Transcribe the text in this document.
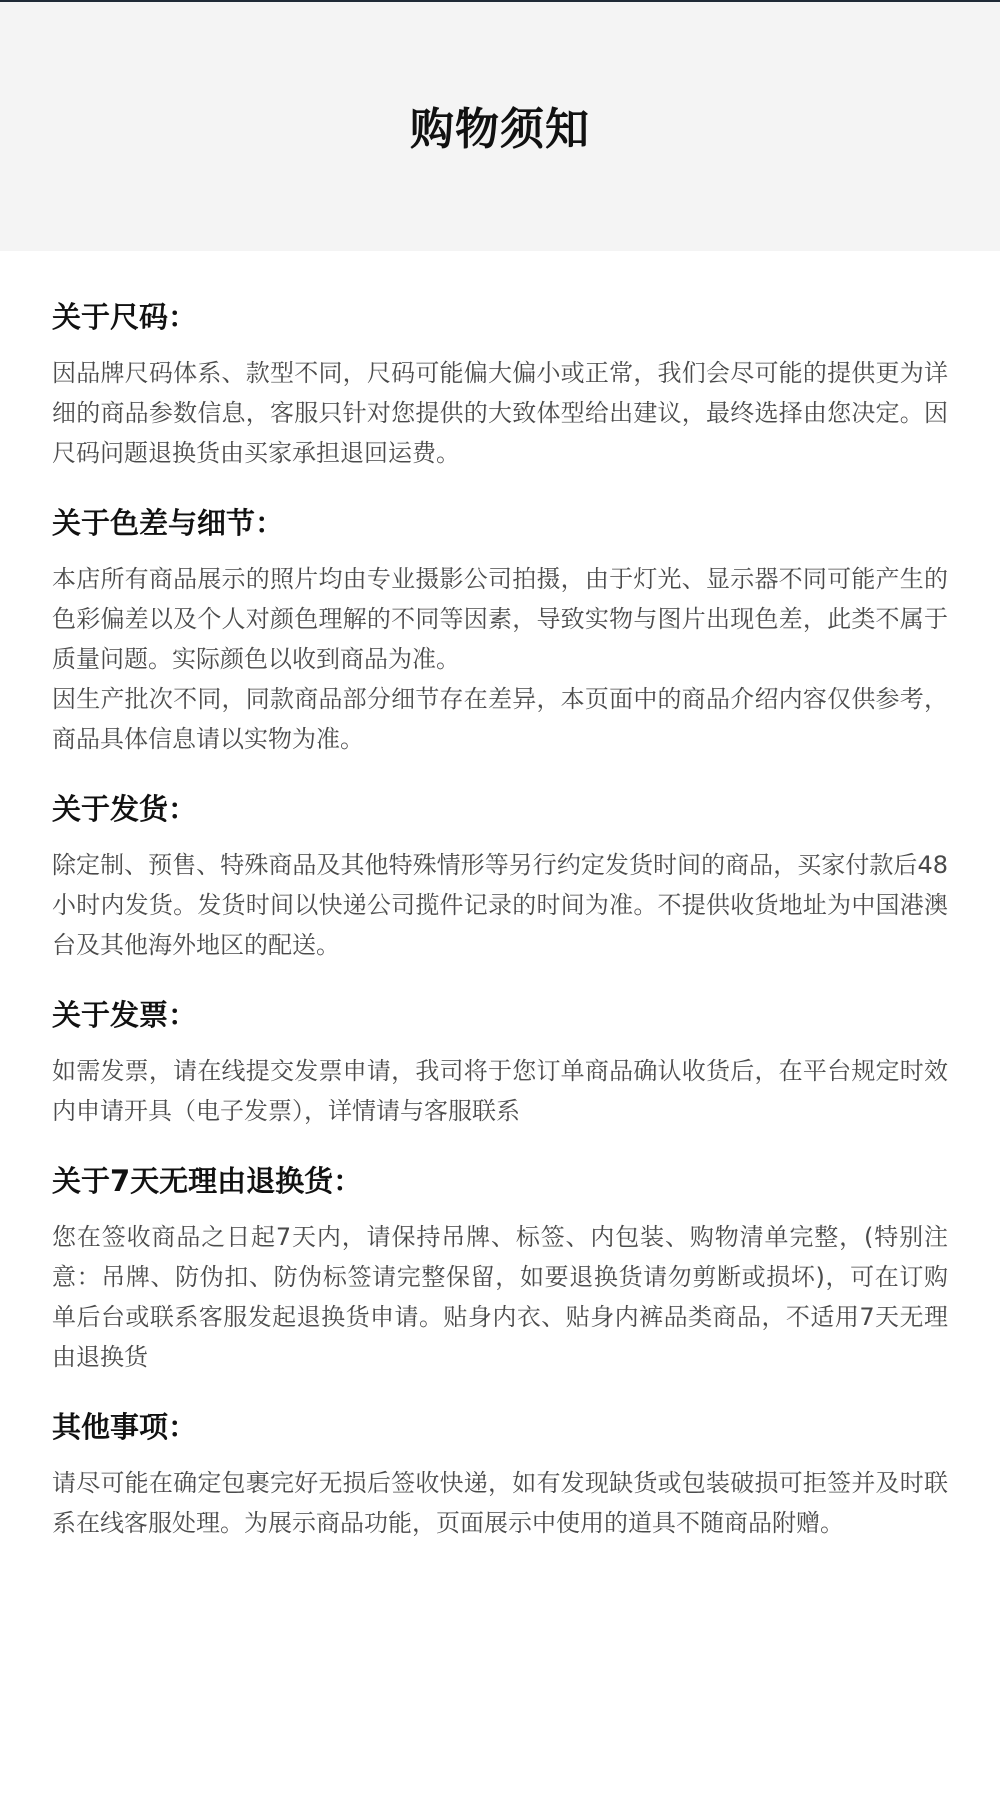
购物须知
关于尺码：

因品牌尺码体系、款型不同，尺码可能偏大偏小或正常，我们会尽可能的提供更为详细的商品参数信息，客服只针对您提供的大致体型给出建议，最终选择由您决定。因尺码问题退换货由买家承担退回运费。

关于色差与细节：

本店所有商品展示的照片均由专业摄影公司拍摄，由于灯光、显示器不同可能产生的色彩偏差以及个人对颜色理解的不同等因素，导致实物与图片出现色差，此类不属于质量问题。实际颜色以收到商品为准。

因生产批次不同，同款商品部分细节存在差异，本页面中的商品介绍内容仅供参考，商品具体信息请以实物为准。

关于发货：

除定制、预售、特殊商品及其他特殊情形等另行约定发货时间的商品，买家付款后48小时内发货。发货时间以快递公司揽件记录的时间为准。不提供收货地址为中国港澳台及其他海外地区的配送。

关于发票：

如需发票，请在线提交发票申请，我司将于您订单商品确认收货后，在平台规定时效内申请开具（电子发票），详情请与客服联系

关于7天无理由退换货：

您在签收商品之日起7天内，请保持吊牌、标签、内包装、购物清单完整，(特别注意：吊牌、防伪扣、防伪标签请完整保留，如要退换货请勿剪断或损坏)，可在订购单后台或联系客服发起退换货申请。贴身内衣、贴身内裤品类商品，不适用7天无理由退换货

其他事项：

请尽可能在确定包裹完好无损后签收快递，如有发现缺货或包装破损可拒签并及时联系在线客服处理。为展示商品功能，页面展示中使用的道具不随商品附赠。
